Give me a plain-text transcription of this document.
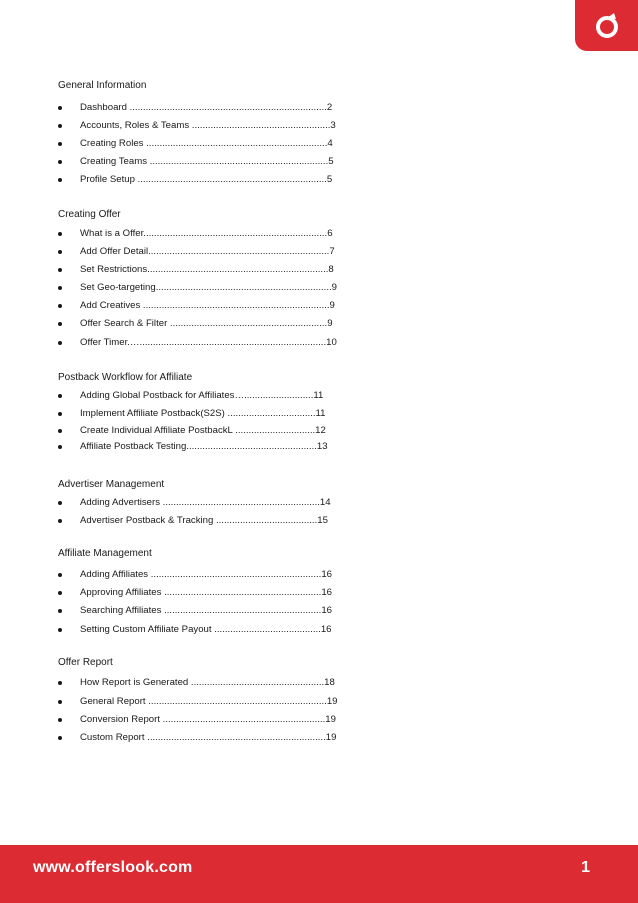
General Information
Dashboard ..........................................................................2
Accounts, Roles & Teams ....................................................3
Creating Roles ....................................................................4
Creating Teams ...................................................................5
Profile Setup .......................................................................5
Creating Offer
What is a Offer.....................................................................6
Add Offer Detail....................................................................7
Set Restrictions....................................................................8
Set Geo-targeting..................................................................9
Add Creatives ......................................................................9
Offer Search & Filter ...........................................................9
Offer Timer.…......................................................................10
Postback Workflow for Affiliate
Adding Global Postback for Affiliates…..........................11
Implement Affiliate Postback(S2S) .................................11
Create Individual Affiliate PostbackL ..............................12
Affiliate Postback Testing.................................................13
Advertiser Management
Adding Advertisers ...........................................................14
Advertiser Postback & Tracking ......................................15
Affiliate Management
Adding Affiliates ................................................................16
Approving Affiliates ...........................................................16
Searching Affiliates ...........................................................16
Setting Custom Affiliate Payout ........................................16
Offer Report
How Report is Generated ..................................................18
General Report ...................................................................19
Conversion Report .............................................................19
Custom Report ...................................................................19
www.offerslook.com	1
